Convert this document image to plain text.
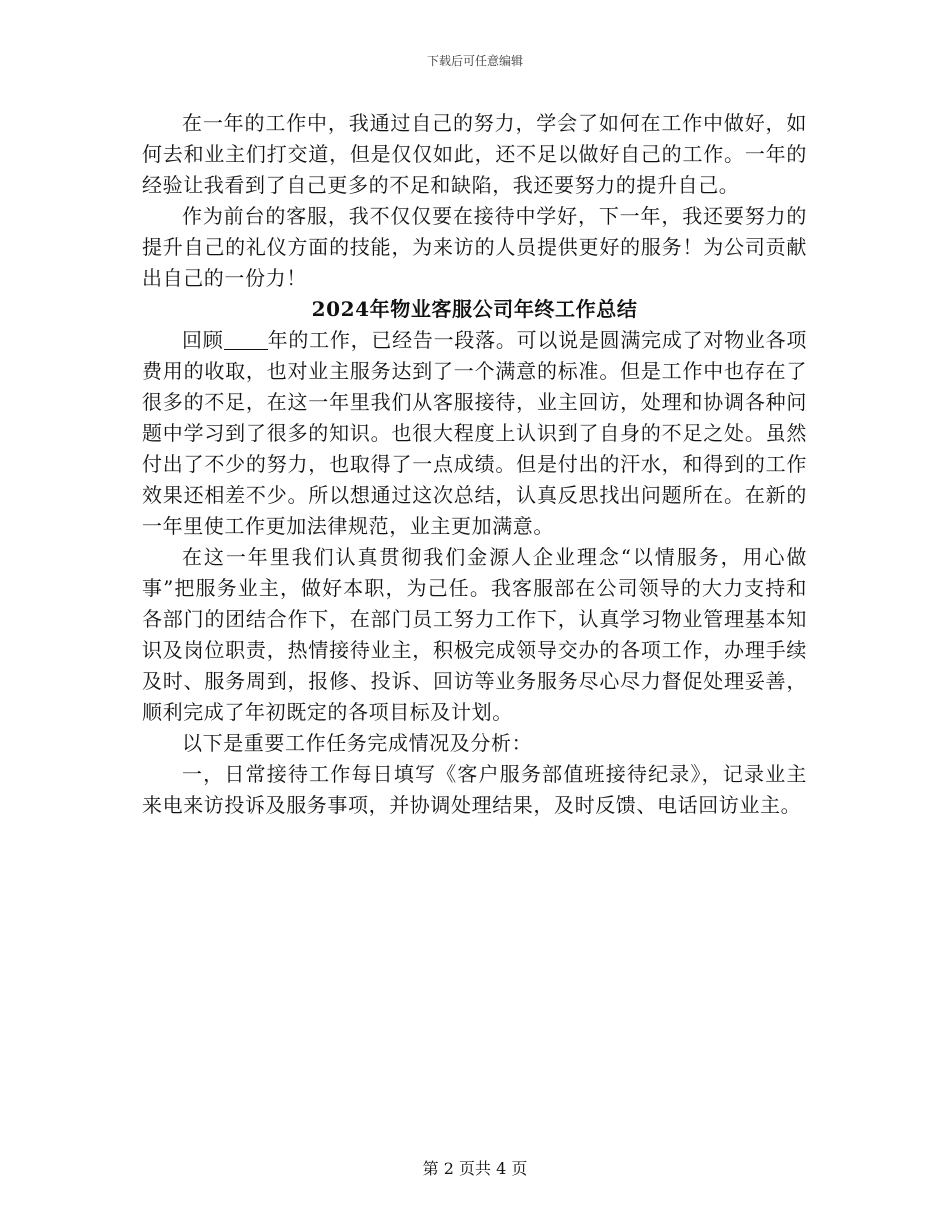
下载后可任意编辑

在一年的工作中，我通过自己的努力，学会了如何在工作中做好，如何去和业主们打交道，但是仅仅如此，还不足以做好自己的工作。一年的经验让我看到了自己更多的不足和缺陷，我还要努力的提升自己。

作为前台的客服，我不仅仅要在接待中学好，下一年，我还要努力的提升自己的礼仪方面的技能，为来访的人员提供更好的服务！为公司贡献出自己的一份力！

2024年物业客服公司年终工作总结

回顾 年的工作，已经告一段落。可以说是圆满完成了对物业各项费用的收取，也对业主服务达到了一个满意的标准。但是工作中也存在了很多的不足，在这一年里我们从客服接待，业主回访，处理和协调各种问题中学习到了很多的知识。也很大程度上认识到了自身的不足之处。虽然付出了不少的努力，也取得了一点成绩。但是付出的汗水，和得到的工作效果还相差不少。所以想通过这次总结，认真反思找出问题所在。在新的一年里使工作更加法律规范，业主更加满意。

在这一年里我们认真贯彻我们金源人企业理念“以情服务，用心做事”把服务业主，做好本职，为己任。我客服部在公司领导的大力支持和各部门的团结合作下，在部门员工努力工作下，认真学习物业管理基本知识及岗位职责，热情接待业主，积极完成领导交办的各项工作，办理手续及时、服务周到，报修、投诉、回访等业务服务尽心尽力督促处理妥善，顺利完成了年初既定的各项目标及计划。

以下是重要工作任务完成情况及分析：

一，日常接待工作每日填写《客户服务部值班接待纪录》，记录业主来电来访投诉及服务事项，并协调处理结果，及时反馈、电话回访业主。

第 2 页共 4 页
